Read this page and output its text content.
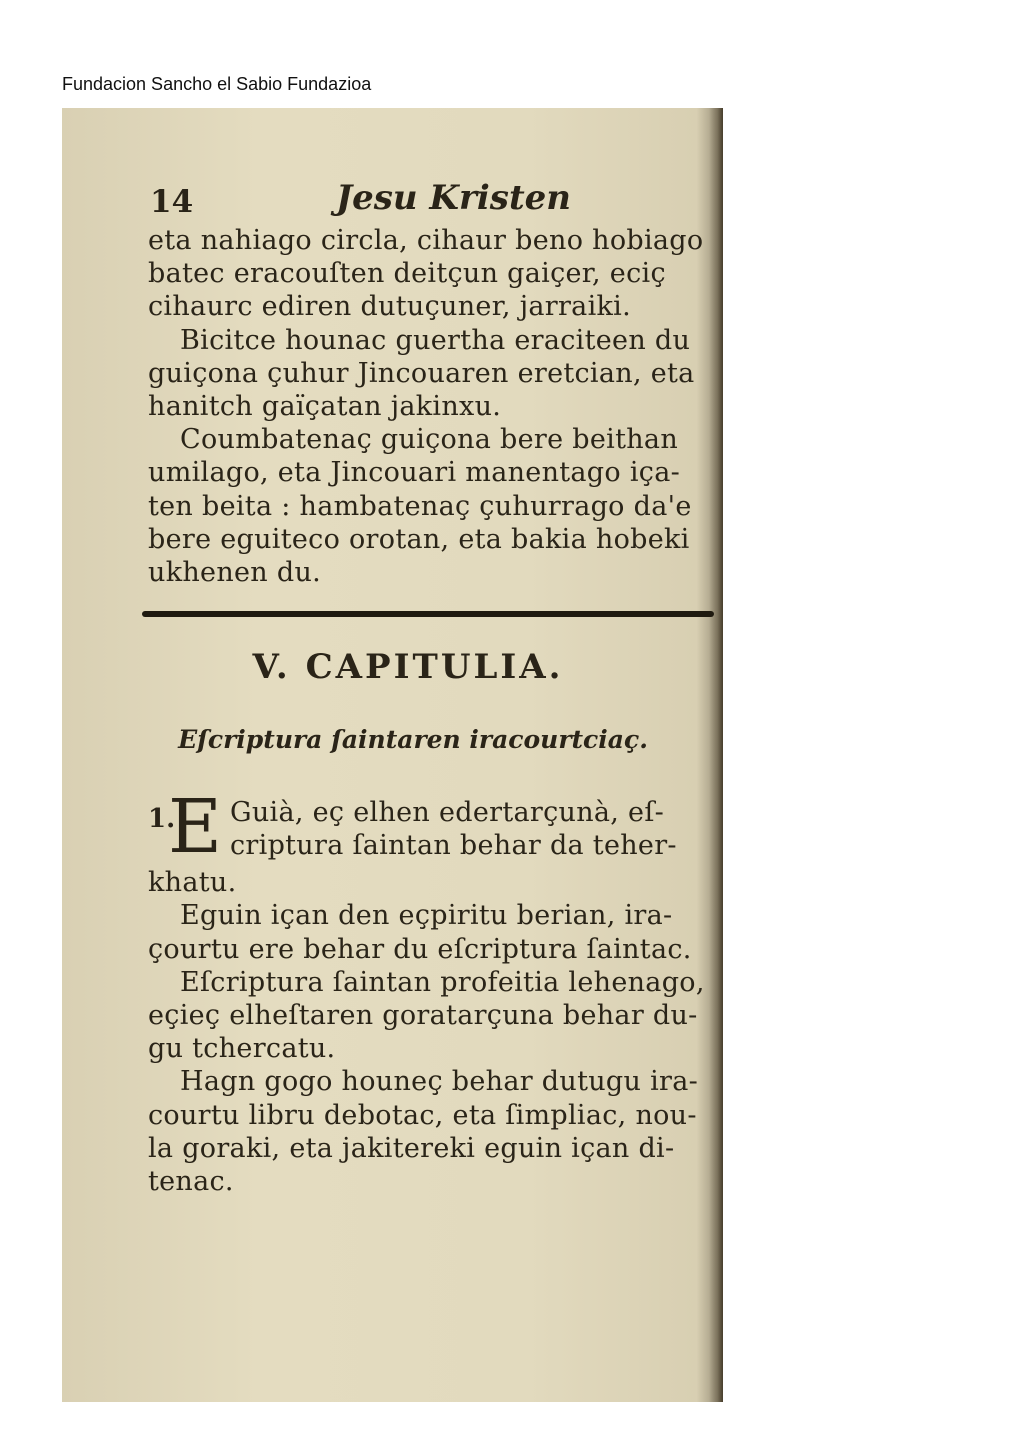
Fundacion Sancho el Sabio Fundazioa
14	Jesu Kristen
eta nahiago circla, cihaur beno hobiago
batec eracouſten deitçun gaiçer, eciç
cihaurc ediren dutuçuner, jarraiki.
Bicitce hounac guertha eraciteen du
guiçona çuhur Jincouaren eretcian, eta
hanitch gaïçatan jakinxu.
Coumbatenaç guiçona bere beithan
umilago, eta Jincouari manentago iça-
ten beita : hambatenaç çuhurrago da'e
bere eguiteco orotan, eta bakia hobeki
ukhenen du.
V. CAPITULIA.
Eſcriptura ſaintaren iracourtciaç.
1.
E Guià, eç elhen edertarçunà, eſ-
criptura ſaintan behar da teher-
khatu.
Eguin içan den eçpiritu berian, ira-
çourtu ere behar du eſcriptura ſaintac.
Eſcriptura ſaintan profeitia lehenago,
eçieç elheſtaren goratarçuna behar du-
gu tchercatu.
Hagn gogo houneç behar dutugu ira-
courtu libru debotac, eta ſimpliac, nou-
la goraki, eta jakitereki eguin içan di-
tenac.
